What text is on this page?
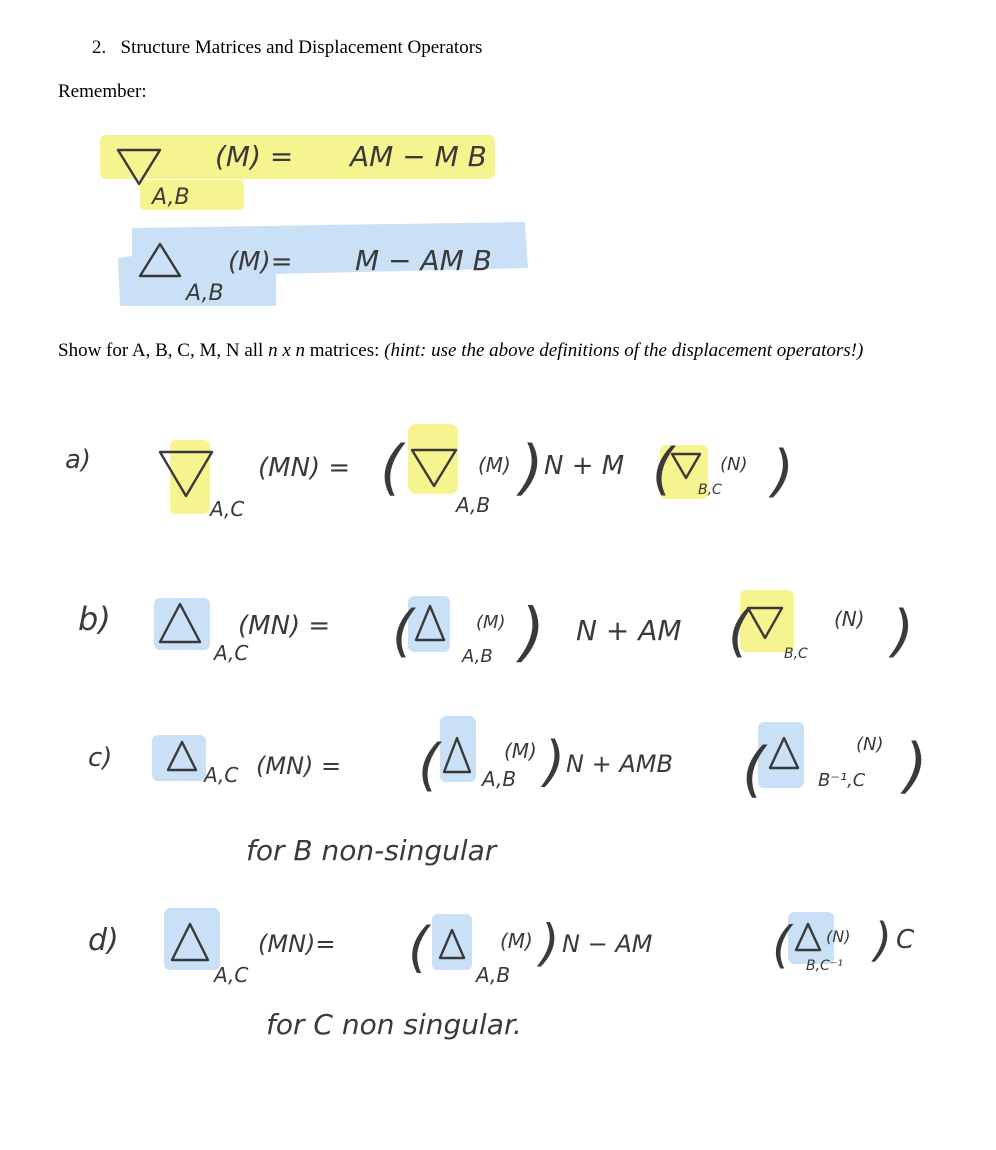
2. Structure Matrices and Displacement Operators
Remember:
Show for A, B, C, M, N all n x n matrices: (hint: use the above definitions of the displacement operators!)
(M) = AM − M B
A,B
(M)= M − AM B
A,B
a)
A,C
(MN) = (	(M) )
A,B
N + M (	(N)
B,C )
b)
A,C
(MN) = (	(M)
A,B ) N + AM (	(N)
B,C )
c)
A,C (MN) = (	(M)
A,B ) N + AMB (	(N)
B⁻¹,C )
for B non-singular
d)
A,C
(MN)= (	(M)
A,B
) N − AM ( (N)
B,C⁻¹ ) C
for C non singular.
